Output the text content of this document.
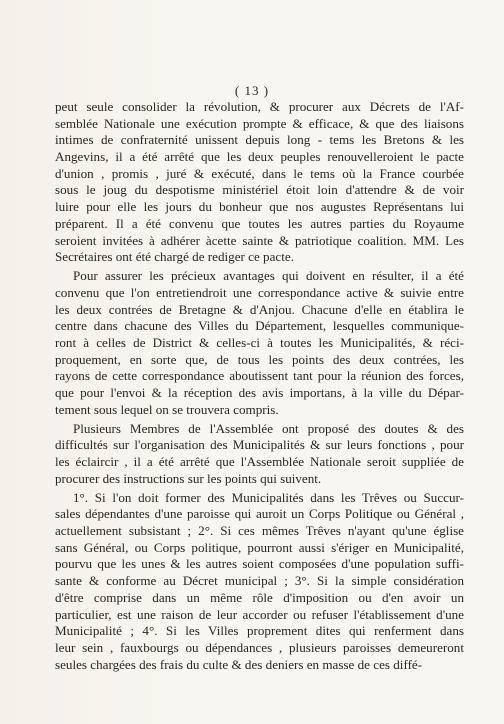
( 13 )
peut seule consolider la révolution, & procurer aux Décrets de l'Af-
semblée Nationale une exécution prompte & efficace, & que des liaisons
intimes de confraternité unissent depuis long - tems les Bretons & les
Angevins, il a été arrêté que les deux peuples renouvelleroient le pacte
d'union , promis , juré & exécuté, dans le tems où la France courbée
sous le joug du despotisme ministériel étoit loin d'attendre & de voir
luire pour elle les jours du bonheur que nos augustes Représentans lui
préparent. Il a été convenu que toutes les autres parties du Royaume
seroient invitées à adhérer àcette sainte & patriotique coalition. MM. Les
Secrétaires ont été chargé de rediger ce pacte.
Pour assurer les précieux avantages qui doivent en résulter, il a été
convenu que l'on entretiendroit une correspondance active & suivie entre
les deux contrées de Bretagne & d'Anjou. Chacune d'elle en établira le
centre dans chacune des Villes du Département, lesquelles communique-
ront à celles de District & celles-ci à toutes les Municipalités, & réci-
proquement, en sorte que, de tous les points des deux contrées, les
rayons de cette correspondance aboutissent tant pour la réunion des forces,
que pour l'envoi & la réception des avis importans, à la ville du Dépar-
tement sous lequel on se trouvera compris.
Plusieurs Membres de l'Assemblée ont proposé des doutes & des
difficultés sur l'organisation des Municipalités & sur leurs fonctions , pour
les éclaircir , il a été arrêté que l'Assemblée Nationale seroit suppliée de
procurer des instructions sur les points qui suivent.
1°. Si l'on doit former des Municipalités dans les Trêves ou Succur-
sales dépendantes d'une paroisse qui auroit un Corps Politique ou Général ,
actuellement subsistant ; 2°. Si ces mêmes Trêves n'ayant qu'une église
sans Général, ou Corps politique, pourront aussi s'ériger en Municipalité,
pourvu que les unes & les autres soient composées d'une population suffi-
sante & conforme au Décret municipal ; 3°. Si la simple considération
d'être comprise dans un même rôle d'imposition ou d'en avoir un
particulier, est une raison de leur accorder ou refuser l'établissement d'une
Municipalité ; 4°. Si les Villes proprement dites qui renferment dans
leur sein , fauxbourgs ou dépendances , plusieurs paroisses demeureront
seules chargées des frais du culte & des deniers en masse de ces diffé-
